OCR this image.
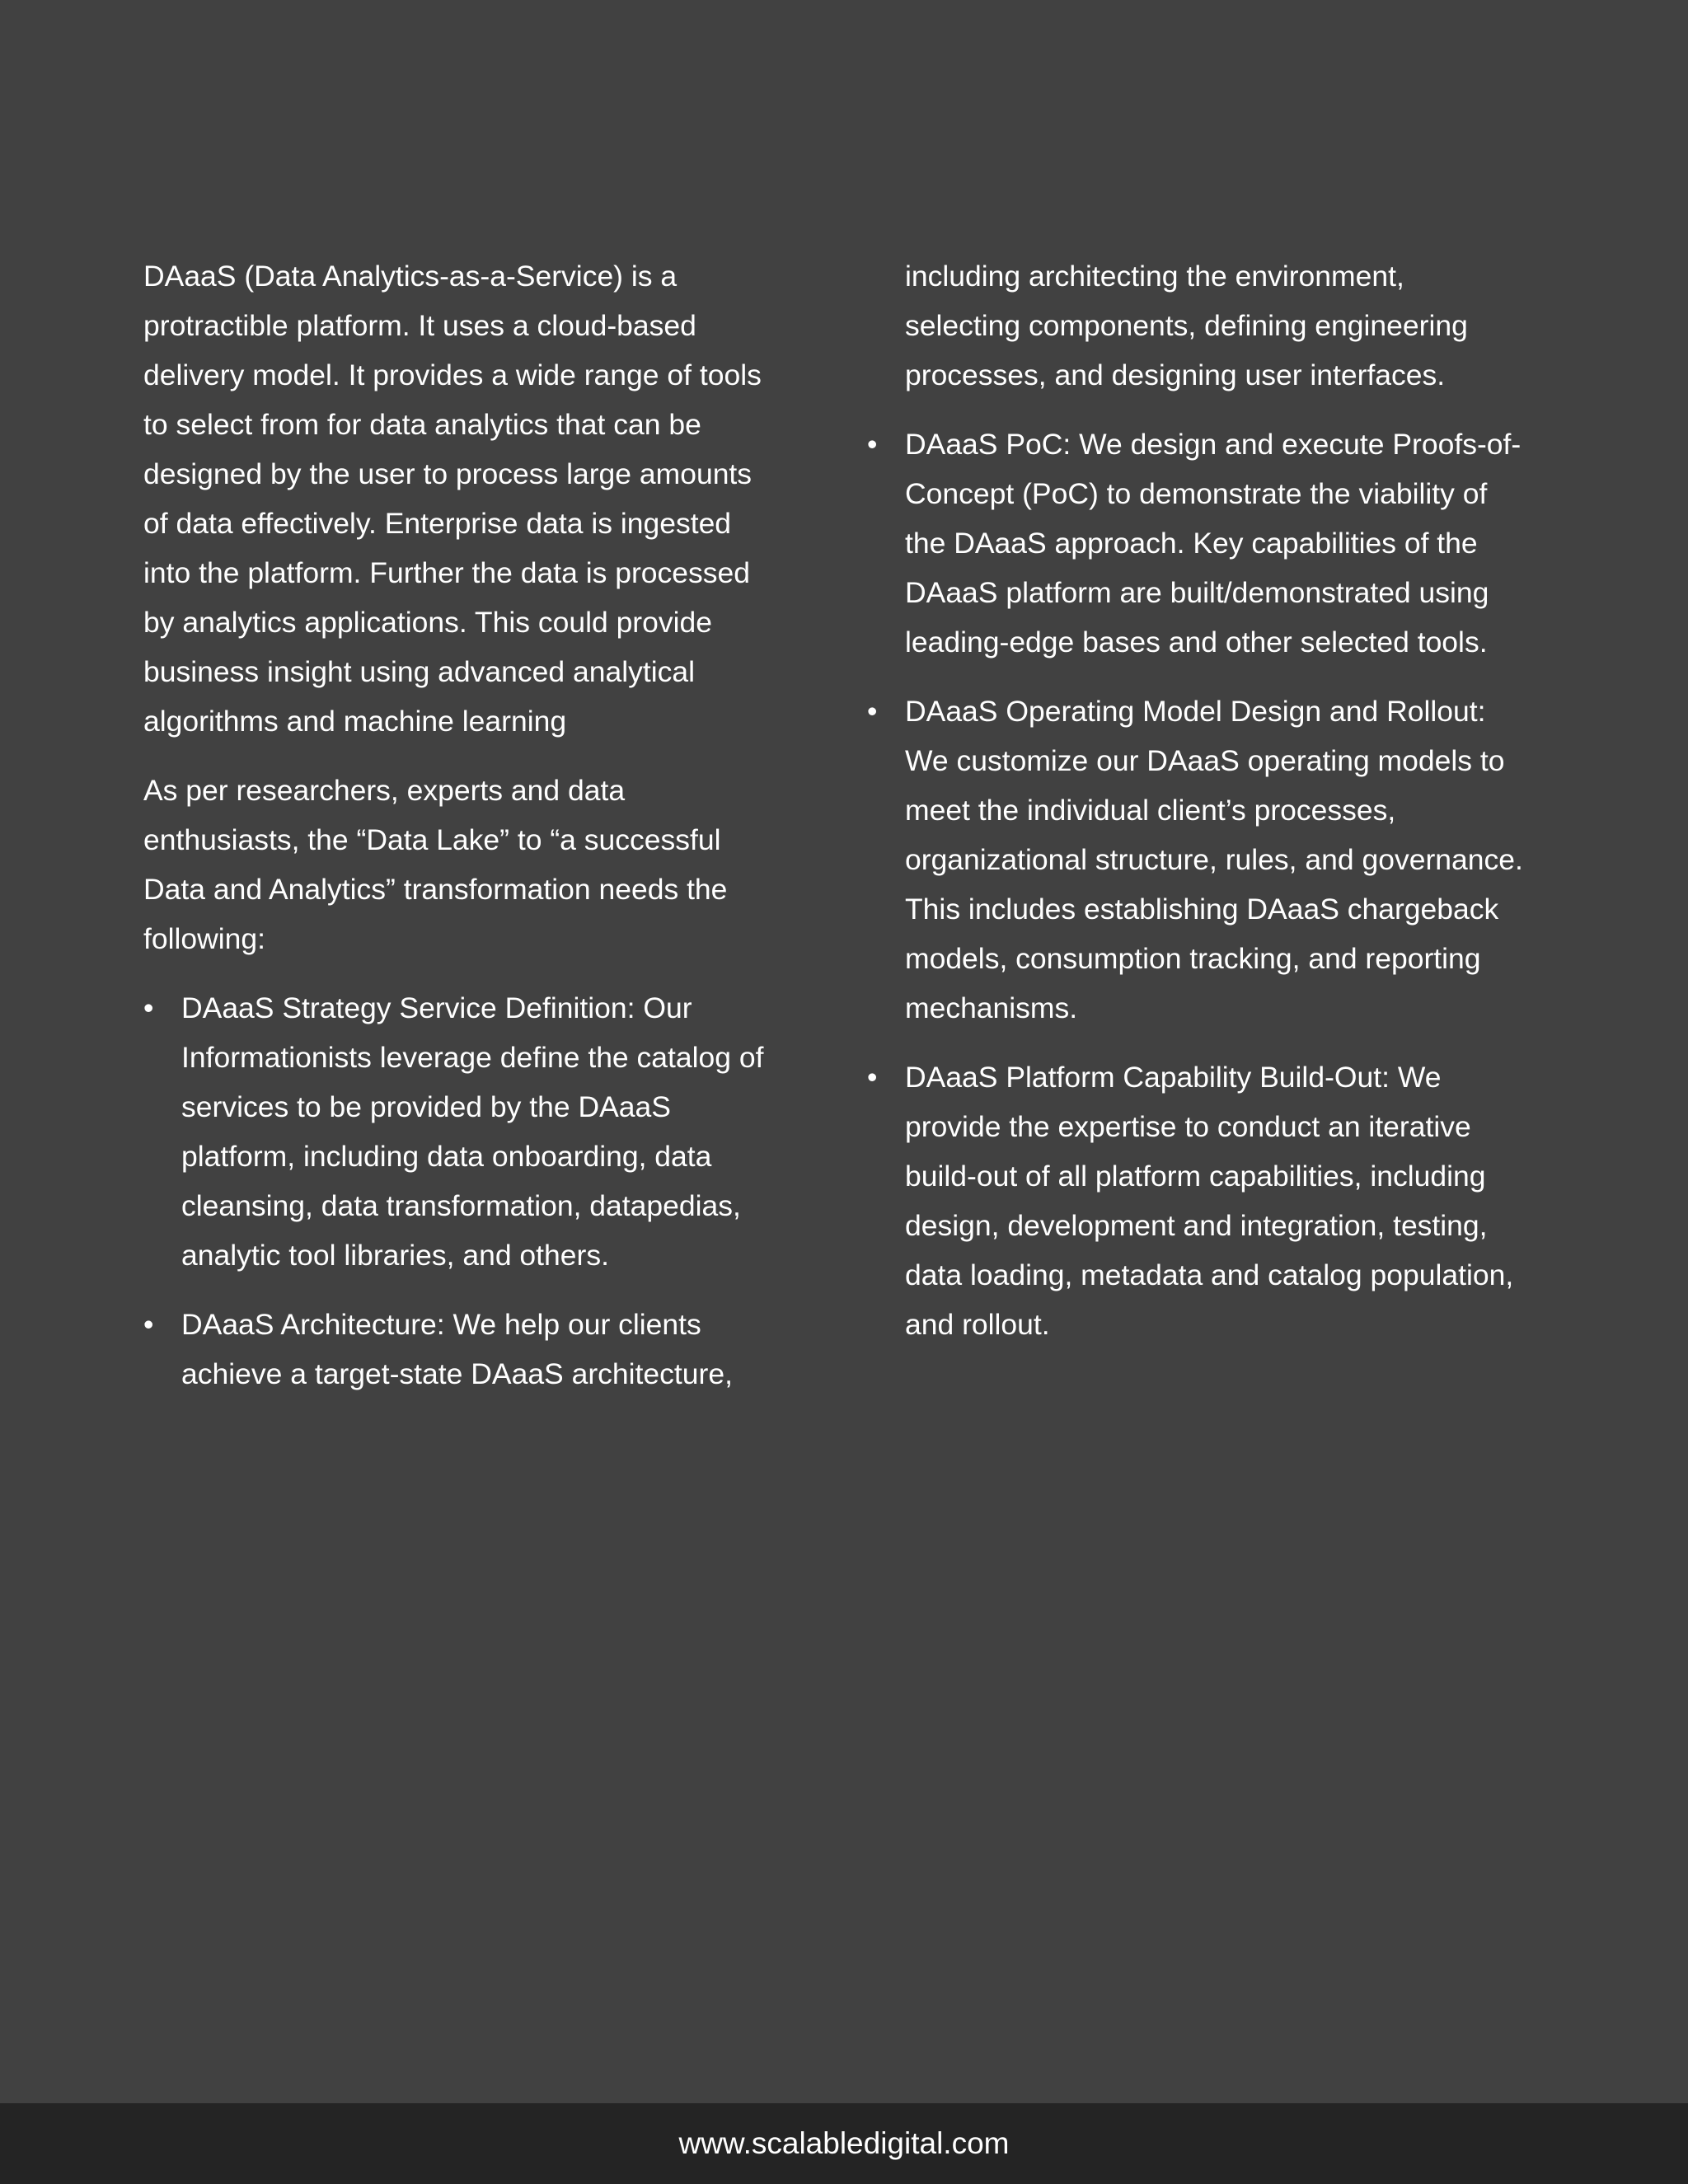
DAaaS (Data Analytics-as-a-Service) is a protractible platform. It uses a cloud-based delivery model. It provides a wide range of tools to select from for data analytics that can be designed by the user to process large amounts of data effectively. Enterprise data is ingested into the platform. Further the data is processed by analytics applications. This could provide business insight using advanced analytical algorithms and machine learning

As per researchers, experts and data enthusiasts, the “Data Lake” to “a successful Data and Analytics” transformation needs the following:

• DAaaS Strategy Service Definition: Our Informationists leverage define the catalog of services to be provided by the DAaaS platform, including data onboarding, data cleansing, data transformation, datapedias, analytic tool libraries, and others.
• DAaaS Architecture: We help our clients achieve a target-state DAaaS architecture,
including architecting the environment, selecting components, defining engineering processes, and designing user interfaces.
• DAaaS PoC: We design and execute Proofs-of-Concept (PoC) to demonstrate the viability of the DAaaS approach. Key capabilities of the DAaaS platform are built/demonstrated using leading-edge bases and other selected tools.
• DAaaS Operating Model Design and Rollout: We customize our DAaaS operating models to meet the individual client’s processes, organizational structure, rules, and governance. This includes establishing DAaaS chargeback models, consumption tracking, and reporting mechanisms.
• DAaaS Platform Capability Build-Out: We provide the expertise to conduct an iterative build-out of all platform capabilities, including design, development and integration, testing, data loading, metadata and catalog population, and rollout.
www.scalabledigital.com
